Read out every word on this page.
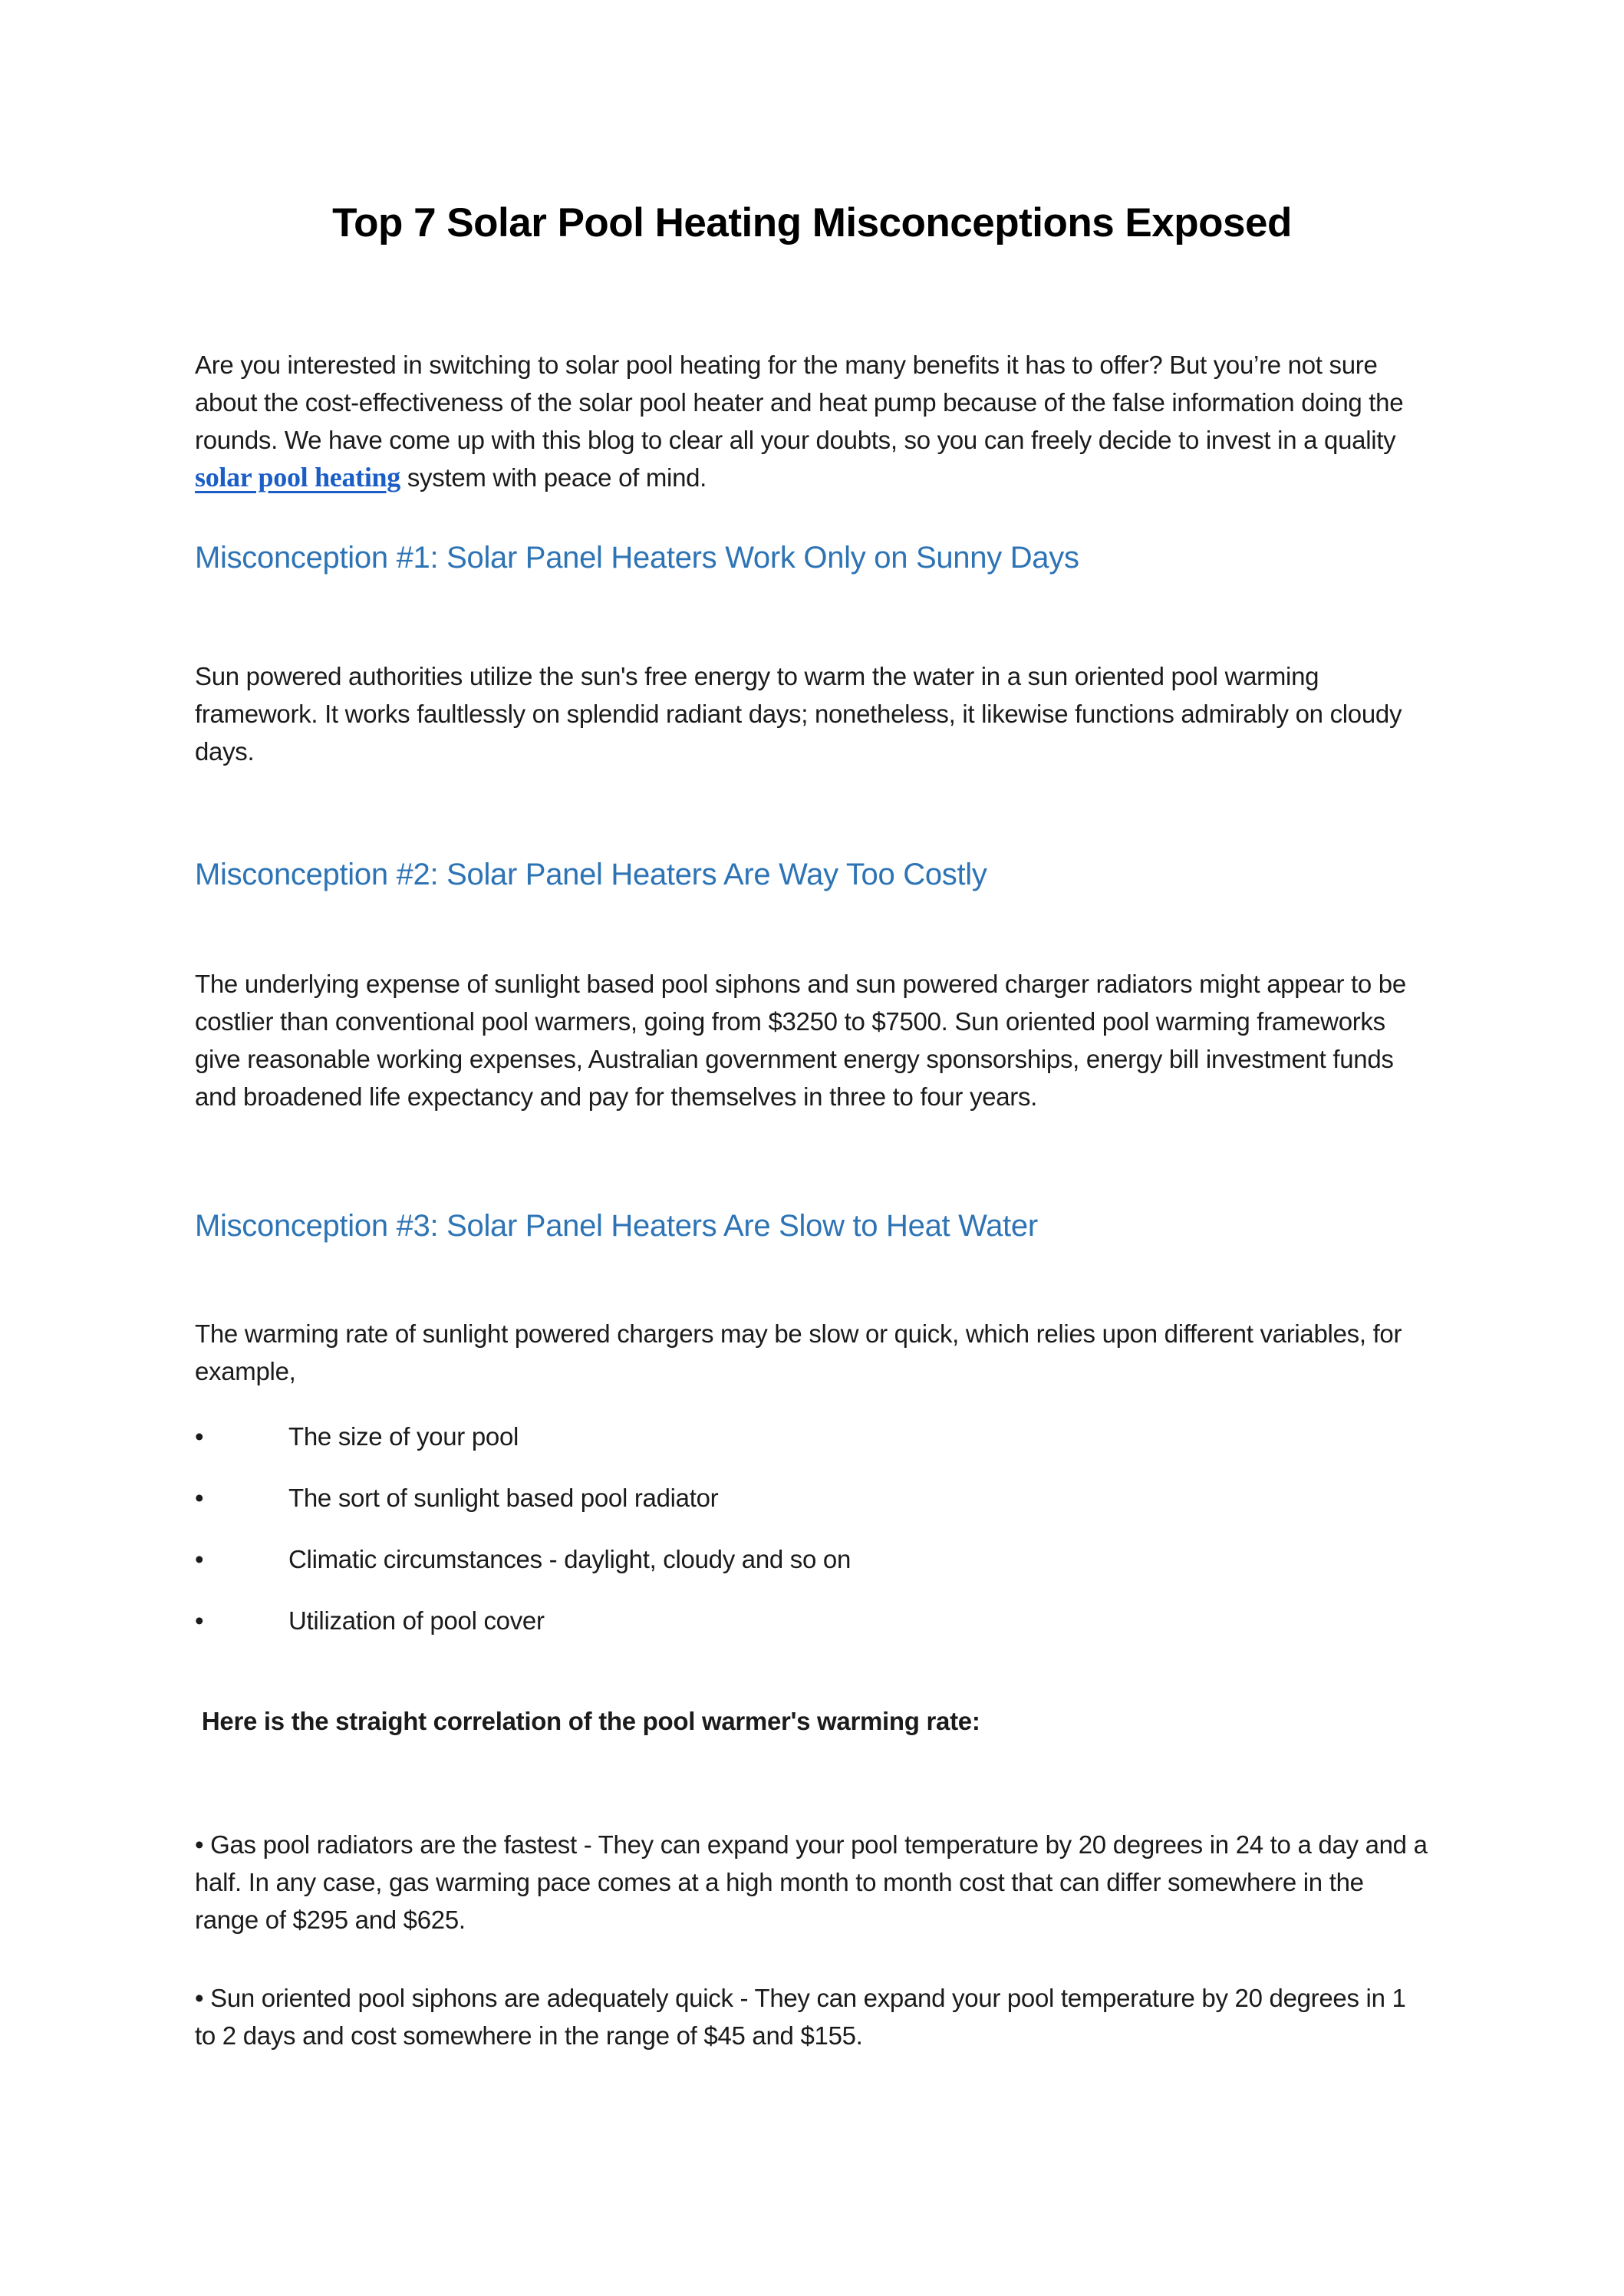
Top 7 Solar Pool Heating Misconceptions Exposed

Are you interested in switching to solar pool heating for the many benefits it has to offer? But you’re not sure about the cost-effectiveness of the solar pool heater and heat pump because of the false information doing the rounds. We have come up with this blog to clear all your doubts, so you can freely decide to invest in a quality solar pool heating system with peace of mind.

Misconception #1: Solar Panel Heaters Work Only on Sunny Days

Sun powered authorities utilize the sun's free energy to warm the water in a sun oriented pool warming framework. It works faultlessly on splendid radiant days; nonetheless, it likewise functions admirably on cloudy days.

Misconception #2: Solar Panel Heaters Are Way Too Costly

The underlying expense of sunlight based pool siphons and sun powered charger radiators might appear to be costlier than conventional pool warmers, going from $3250 to $7500. Sun oriented pool warming frameworks give reasonable working expenses, Australian government energy sponsorships, energy bill investment funds and broadened life expectancy and pay for themselves in three to four years.

Misconception #3: Solar Panel Heaters Are Slow to Heat Water

The warming rate of sunlight powered chargers may be slow or quick, which relies upon different variables, for example,

•	The size of your pool
•	The sort of sunlight based pool radiator
•	Climatic circumstances - daylight, cloudy and so on
•	Utilization of pool cover

Here is the straight correlation of the pool warmer's warming rate:

• Gas pool radiators are the fastest - They can expand your pool temperature by 20 degrees in 24 to a day and a half. In any case, gas warming pace comes at a high month to month cost that can differ somewhere in the range of $295 and $625.

• Sun oriented pool siphons are adequately quick - They can expand your pool temperature by 20 degrees in 1 to 2 days and cost somewhere in the range of $45 and $155.
